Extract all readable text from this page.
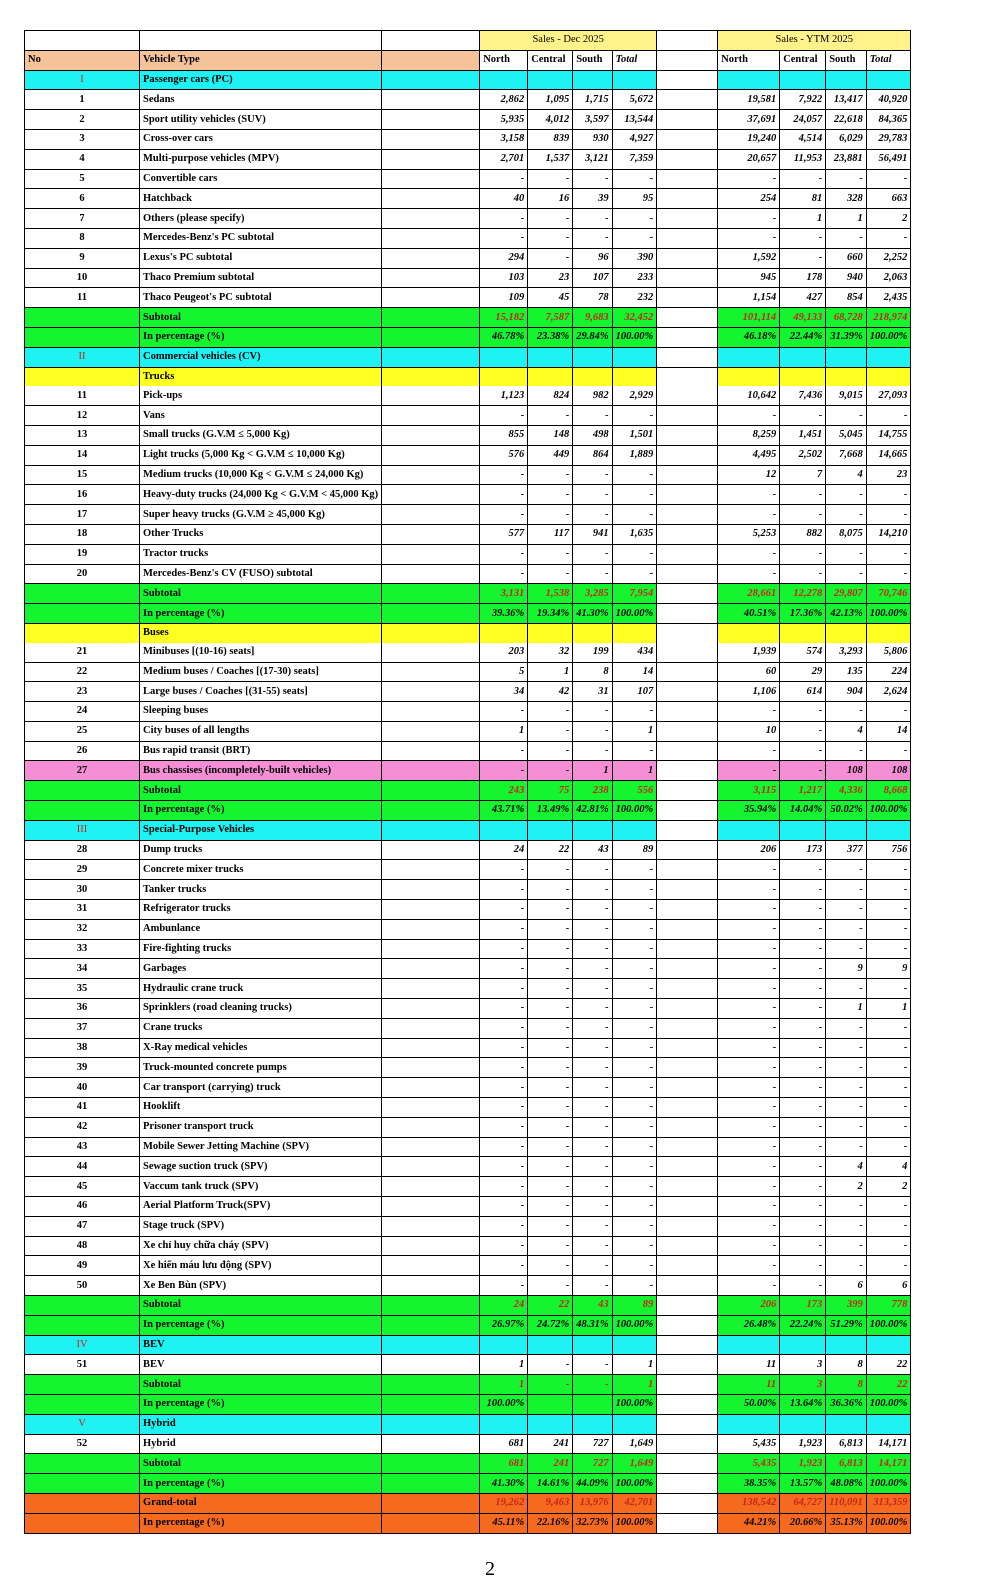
			Sales - Dec 2025					Sales - YTM 2025			
No	Vehicle Type		North	Central	South	Total		North	Central	South	Total
I	Passenger cars (PC)										
1	Sedans		2,862	1,095	1,715	5,672		19,581	7,922	13,417	40,920
2	Sport utility vehicles (SUV)		5,935	4,012	3,597	13,544		37,691	24,057	22,618	84,365
3	Cross-over cars		3,158	839	930	4,927		19,240	4,514	6,029	29,783
4	Multi-purpose vehicles (MPV)		2,701	1,537	3,121	7,359		20,657	11,953	23,881	56,491
5	Convertible cars		-	-	-	-		-	-	-	-
6	Hatchback		40	16	39	95		254	81	328	663
7	Others (please specify)		-	-	-	-		-	1	1	2
8	Mercedes-Benz's PC subtotal		-	-	-	-		-	-	-	-
9	Lexus's PC subtotal		294	-	96	390		1,592	-	660	2,252
10	Thaco Premium subtotal		103	23	107	233		945	178	940	2,063
11	Thaco Peugeot's PC subtotal		109	45	78	232		1,154	427	854	2,435
	Subtotal		15,182	7,587	9,683	32,452		101,114	49,133	68,728	218,974
	In percentage (%)		46.78%	23.38%	29.84%	100.00%		46.18%	22.44%	31.39%	100.00%
II	Commercial vehicles (CV)										
	Trucks										
11	Pick-ups		1,123	824	982	2,929		10,642	7,436	9,015	27,093
12	Vans		-	-	-	-		-	-	-	-
13	Small trucks (G.V.M ≤ 5,000 Kg)		855	148	498	1,501		8,259	1,451	5,045	14,755
14	Light trucks (5,000 Kg < G.V.M ≤ 10,000 Kg)		576	449	864	1,889		4,495	2,502	7,668	14,665
15	Medium trucks (10,000 Kg < G.V.M ≤ 24,000 Kg)		-	-	-	-		12	7	4	23
16	Heavy-duty trucks (24,000 Kg < G.V.M < 45,000 Kg)		-	-	-	-		-	-	-	-
17	Super heavy trucks (G.V.M ≥ 45,000 Kg)		-	-	-	-		-	-	-	-
18	Other Trucks		577	117	941	1,635		5,253	882	8,075	14,210
19	Tractor trucks		-	-	-	-		-	-	-	-
20	Mercedes-Benz's CV (FUSO) subtotal		-	-	-	-		-	-	-	-
	Subtotal		3,131	1,538	3,285	7,954		28,661	12,278	29,807	70,746
	In percentage (%)		39.36%	19.34%	41.30%	100.00%		40.51%	17.36%	42.13%	100.00%
	Buses										
21	Minibuses [(10-16) seats]		203	32	199	434		1,939	574	3,293	5,806
22	Medium buses / Coaches [(17-30) seats]		5	1	8	14		60	29	135	224
23	Large buses / Coaches [(31-55) seats]		34	42	31	107		1,106	614	904	2,624
24	Sleeping buses		-	-	-	-		-	-	-	-
25	City buses of all lengths		1	-	-	1		10	-	4	14
26	Bus rapid transit (BRT)		-	-	-	-		-	-	-	-
27	Bus chassises (incompletely-built vehicles)		-	-	1	1		-	-	108	108
	Subtotal		243	75	238	556		3,115	1,217	4,336	8,668
	In percentage (%)		43.71%	13.49%	42.81%	100.00%		35.94%	14.04%	50.02%	100.00%
III	Special-Purpose Vehicles										
28	Dump trucks		24	22	43	89		206	173	377	756
29	Concrete mixer trucks		-	-	-	-		-	-	-	-
30	Tanker trucks		-	-	-	-		-	-	-	-
31	Refrigerator trucks		-	-	-	-		-	-	-	-
32	Ambunlance		-	-	-	-		-	-	-	-
33	Fire-fighting trucks		-	-	-	-		-	-	-	-
34	Garbages		-	-	-	-		-	-	9	9
35	Hydraulic crane truck		-	-	-	-		-	-	-	-
36	Sprinklers (road cleaning trucks)		-	-	-	-		-	-	1	1
37	Crane trucks		-	-	-	-		-	-	-	-
38	X-Ray medical vehicles		-	-	-	-		-	-	-	-
39	Truck-mounted concrete pumps		-	-	-	-		-	-	-	-
40	Car transport (carrying) truck		-	-	-	-		-	-	-	-
41	Hooklift		-	-	-	-		-	-	-	-
42	Prisoner transport truck		-	-	-	-		-	-	-	-
43	Mobile Sewer Jetting Machine (SPV)		-	-	-	-		-	-	-	-
44	Sewage suction truck (SPV)		-	-	-	-		-	-	4	4
45	Vaccum tank truck (SPV)		-	-	-	-		-	-	2	2
46	Aerial Platform Truck(SPV)		-	-	-	-		-	-	-	-
47	Stage truck (SPV)		-	-	-	-		-	-	-	-
48	Xe chỉ huy chữa cháy (SPV)		-	-	-	-		-	-	-	-
49	Xe hiến máu lưu động (SPV)		-	-	-	-		-	-	-	-
50	Xe Ben Bùn (SPV)		-	-	-	-		-	-	6	6
	Subtotal		24	22	43	89		206	173	399	778
	In percentage (%)		26.97%	24.72%	48.31%	100.00%		26.48%	22.24%	51.29%	100.00%
IV	BEV										
51	BEV		1	-	-	1		11	3	8	22
	Subtotal		1	-	-	1		11	3	8	22
	In percentage (%)		100.00%			100.00%		50.00%	13.64%	36.36%	100.00%
V	Hybrid										
52	Hybrid		681	241	727	1,649		5,435	1,923	6,813	14,171
	Subtotal		681	241	727	1,649		5,435	1,923	6,813	14,171
	In percentage (%)		41.30%	14.61%	44.09%	100.00%		38.35%	13.57%	48.08%	100.00%
	Grand-total		19,262	9,463	13,976	42,701		138,542	64,727	110,091	313,359
	In percentage (%)		45.11%	22.16%	32.73%	100.00%		44.21%	20.66%	35.13%	100.00%
2
